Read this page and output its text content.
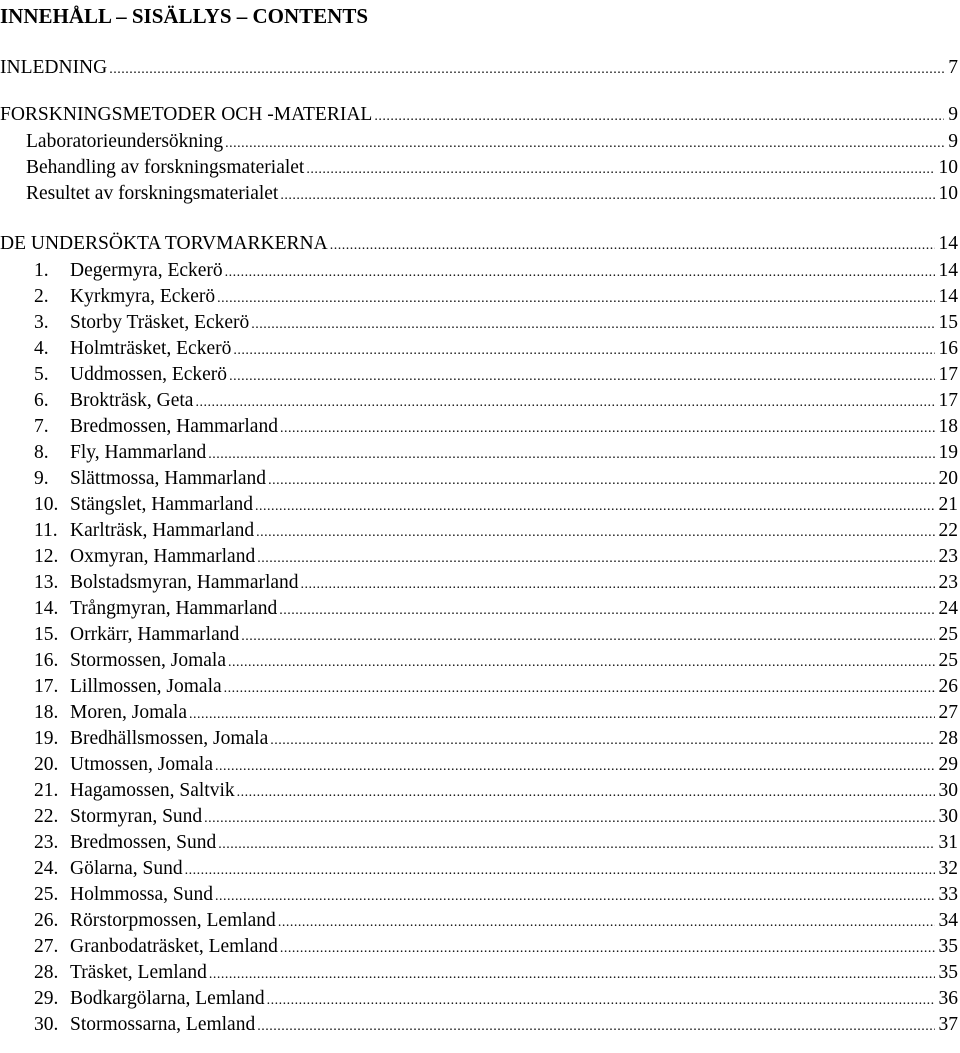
INNEHÅLL – SISÄLLYS – CONTENTS
INLEDNING .....	7
FORSKNINGSMETODER OCH -MATERIAL .....	9
Laboratorieundersökning .....	9
Behandling av forskningsmaterialet .....	10
Resultet av forskningsmaterialet .....	10
DE UNDERSÖKTA TORVMARKERNA .....	14
1.	Degermyra, Eckerö .....	14
2.	Kyrkmyra, Eckerö .....	14
3.	Storby Träsket, Eckerö .....	15
4.	Holmträsket, Eckerö .....	16
5.	Uddmossen, Eckerö .....	17
6.	Brokträsk, Geta .....	17
7.	Bredmossen, Hammarland .....	18
8.	Fly, Hammarland .....	19
9.	Slättmossa, Hammarland .....	20
10. Stängslet, Hammarland .....	21
11. Karlträsk, Hammarland .....	22
12. Oxmyran, Hammarland .....	23
13. Bolstadsmyran, Hammarland .....	23
14. Trångmyran, Hammarland .....	24
15. Orrkärr, Hammarland .....	25
16. Stormossen, Jomala .....	25
17. Lillmossen, Jomala .....	26
18. Moren, Jomala .....	27
19. Bredhällsmossen, Jomala .....	28
20. Utmossen, Jomala .....	29
21. Hagamossen, Saltvik .....	30
22. Stormyran, Sund .....	30
23. Bredmossen, Sund .....	31
24. Gölarna, Sund .....	32
25. Holmmossa, Sund .....	33
26. Rörstorpmossen, Lemland .....	34
27. Granbodaträsket, Lemland .....	35
28. Träsket, Lemland .....	35
29. Bodkargölarna, Lemland .....	36
30. Stormossarna, Lemland .....	37
